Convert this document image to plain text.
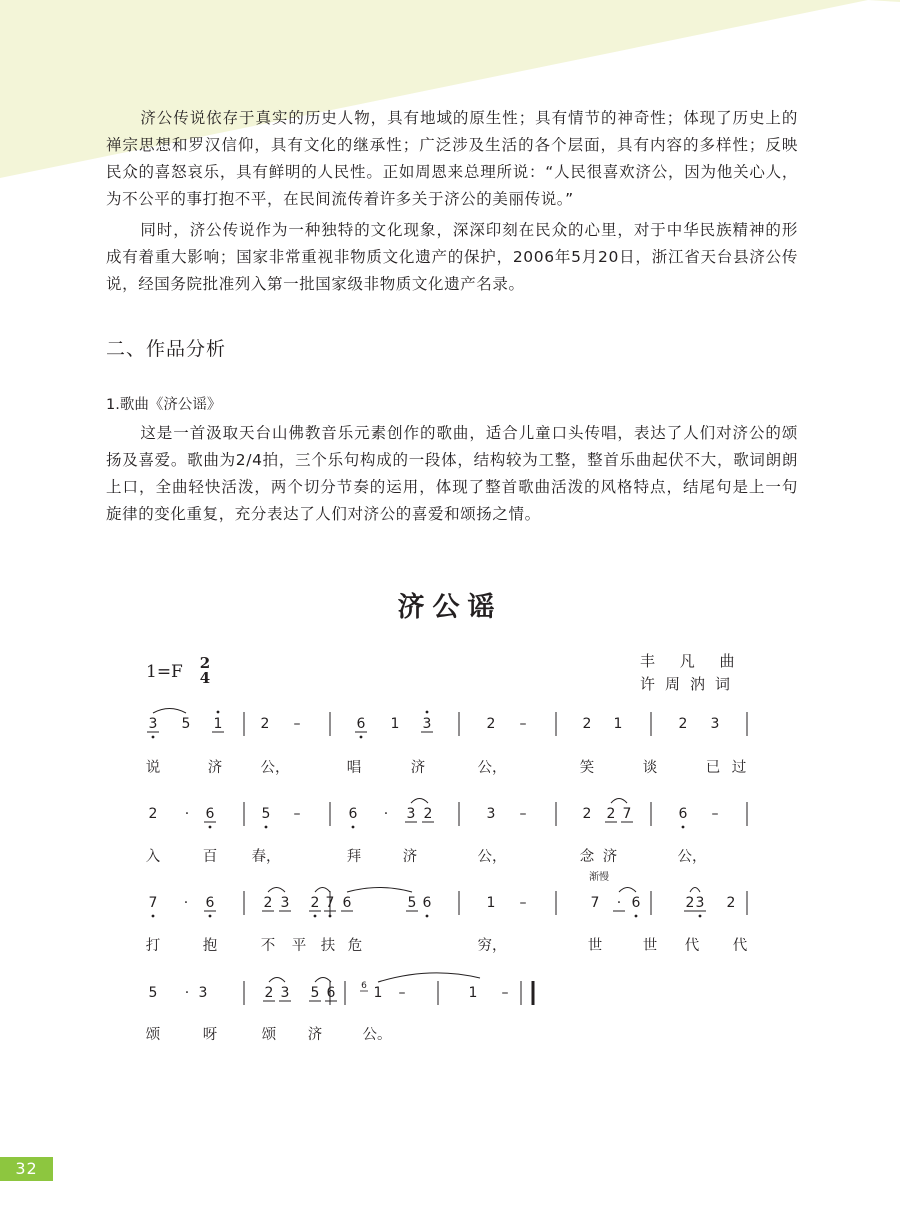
济公传说依存于真实的历史人物，具有地域的原生性；具有情节的神奇性；体现了历史上的禅宗思想和罗汉信仰，具有文化的继承性；广泛涉及生活的各个层面，具有内容的多样性；反映民众的喜怒哀乐，具有鲜明的人民性。正如周恩来总理所说：“人民很喜欢济公，因为他关心人，为不公平的事打抱不平，在民间流传着许多关于济公的美丽传说。”

同时，济公传说作为一种独特的文化现象，深深印刻在民众的心里，对于中华民族精神的形成有着重大影响；国家非常重视非物质文化遗产的保护，2006年5月20日，浙江省天台县济公传说，经国务院批准列入第一批国家级非物质文化遗产名录。

二、作品分析
1.歌曲《济公谣》

这是一首汲取天台山佛教音乐元素创作的歌曲，适合儿童口头传唱，表达了人们对济公的颂扬及喜爱。歌曲为2/4拍，三个乐句构成的一段体，结构较为工整，整首乐曲起伏不大，歌词朗朗上口，全曲轻快活泼，两个切分节奏的运用，体现了整首歌曲活泼的风格特点，结尾句是上一句旋律的变化重复，充分表达了人们对济公的喜爱和颂扬之情。

济公谣
1=F 2
4
丰 凡 曲
许周汭词
渐慢
3 5 1	2 –	6 1 3	2 –	2 1	2 3
说	济	公，	唱	济	公，	笑	谈	已 过
2 · 6	5 –	6 · 3 2	3 –	2 2 7	6 –
入	百 春，	拜	济	公，	念 济	公，
7 · 6	2 3 2 7 6	5 6	1 –	7 · 6	2 3 2
打	抱	不 平 扶 危	穷，	世	世 代 代
5 · 3	2 3 5 6	1 –	1 –
颂	呀	颂 济	公。
6
32
